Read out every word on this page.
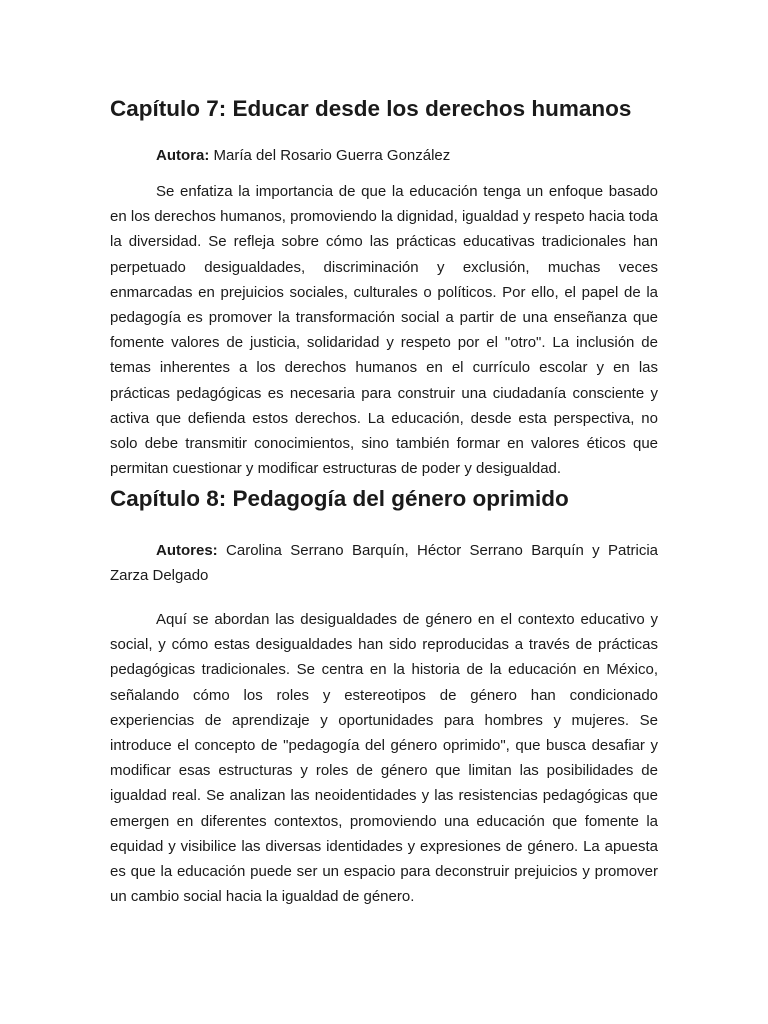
Capítulo 7: Educar desde los derechos humanos

Autora: María del Rosario Guerra González

Se enfatiza la importancia de que la educación tenga un enfoque basado en los derechos humanos, promoviendo la dignidad, igualdad y respeto hacia toda la diversidad. Se refleja sobre cómo las prácticas educativas tradicionales han perpetuado desigualdades, discriminación y exclusión, muchas veces enmarcadas en prejuicios sociales, culturales o políticos. Por ello, el papel de la pedagogía es promover la transformación social a partir de una enseñanza que fomente valores de justicia, solidaridad y respeto por el "otro". La inclusión de temas inherentes a los derechos humanos en el currículo escolar y en las prácticas pedagógicas es necesaria para construir una ciudadanía consciente y activa que defienda estos derechos. La educación, desde esta perspectiva, no solo debe transmitir conocimientos, sino también formar en valores éticos que permitan cuestionar y modificar estructuras de poder y desigualdad.

Capítulo 8: Pedagogía del género oprimido

Autores: Carolina Serrano Barquín, Héctor Serrano Barquín y Patricia Zarza Delgado

Aquí se abordan las desigualdades de género en el contexto educativo y social, y cómo estas desigualdades han sido reproducidas a través de prácticas pedagógicas tradicionales. Se centra en la historia de la educación en México, señalando cómo los roles y estereotipos de género han condicionado experiencias de aprendizaje y oportunidades para hombres y mujeres. Se introduce el concepto de "pedagogía del género oprimido", que busca desafiar y modificar esas estructuras y roles de género que limitan las posibilidades de igualdad real. Se analizan las neoidentidades y las resistencias pedagógicas que emergen en diferentes contextos, promoviendo una educación que fomente la equidad y visibilice las diversas identidades y expresiones de género. La apuesta es que la educación puede ser un espacio para deconstruir prejuicios y promover un cambio social hacia la igualdad de género.
